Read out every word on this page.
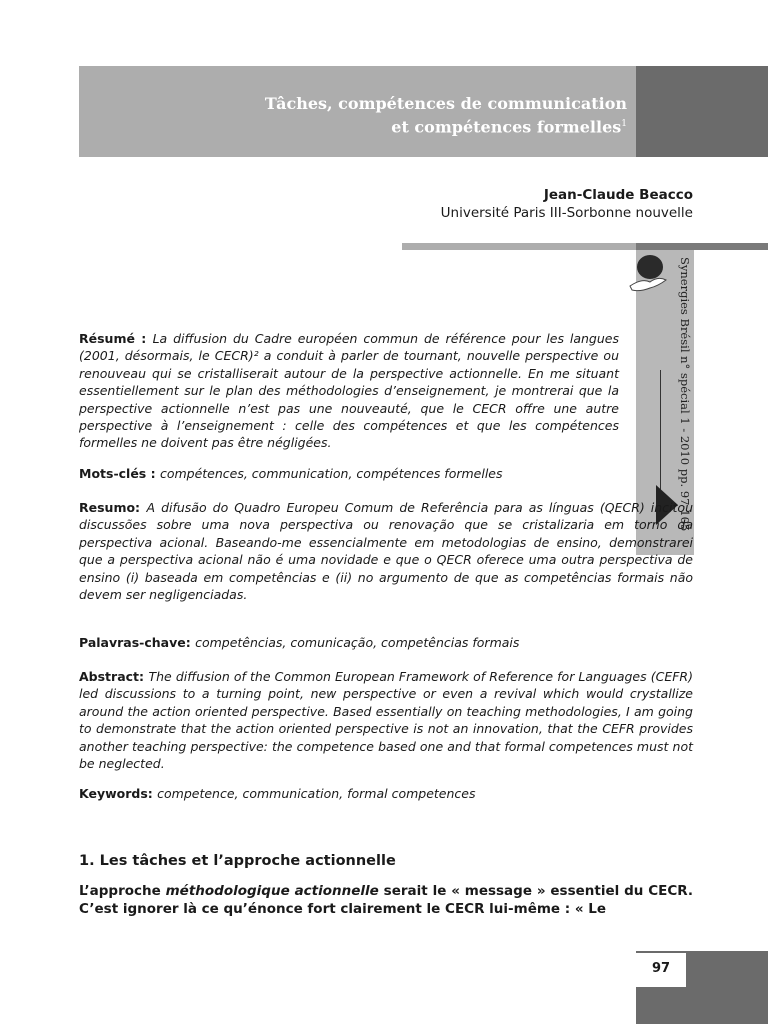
Tâches, compétences de communication
et compétences formelles$^1$
Jean-Claude Beacco
Université Paris III-Sorbonne nouvelle
Synergies Brésil n° spécial 1 - 2010 pp. 97-105
Résumé : La diffusion du Cadre européen commun de référence pour les langues (2001, désormais, le CECR)² a conduit à parler de tournant, nouvelle perspective ou renouveau qui se cristalliserait autour de la perspective actionnelle. En me situant essentiellement sur le plan des méthodologies d’enseignement, je montrerai que la perspective actionnelle n’est pas une nouveauté, que le CECR offre une autre perspective à l’enseignement : celle des compétences et que les compétences formelles ne doivent pas être négligées.
Mots-clés : compétences, communication, compétences formelles
Resumo: A difusão do Quadro Europeu Comum de Referência para as línguas (QECR) incitou discussões sobre uma nova perspectiva ou renovação que se cristalizaria em torno da perspectiva acional. Baseando-me essencialmente em metodologias de ensino, demonstrarei que a perspectiva acional não é uma novidade e que o QECR oferece uma outra perspectiva de ensino (i) baseada em competências e (ii) no argumento de que as competências formais não devem ser negligenciadas.
Palavras-chave: competências, comunicação, competências formais
Abstract: The diffusion of the Common European Framework of Reference for Languages (CEFR) led discussions to a turning point, new perspective or even a revival which would crystallize around the action oriented perspective. Based essentially on teaching methodologies, I am going to demonstrate that the action oriented perspective is not an innovation, that the CEFR provides another teaching perspective: the competence based one and that formal competences must not be neglected.
Keywords: competence, communication, formal competences
1. Les tâches et l’approche actionnelle
L’approche méthodologique actionnelle serait le « message » essentiel du CECR. C’est ignorer là ce qu’énonce fort clairement le CECR lui-même : « Le
97
